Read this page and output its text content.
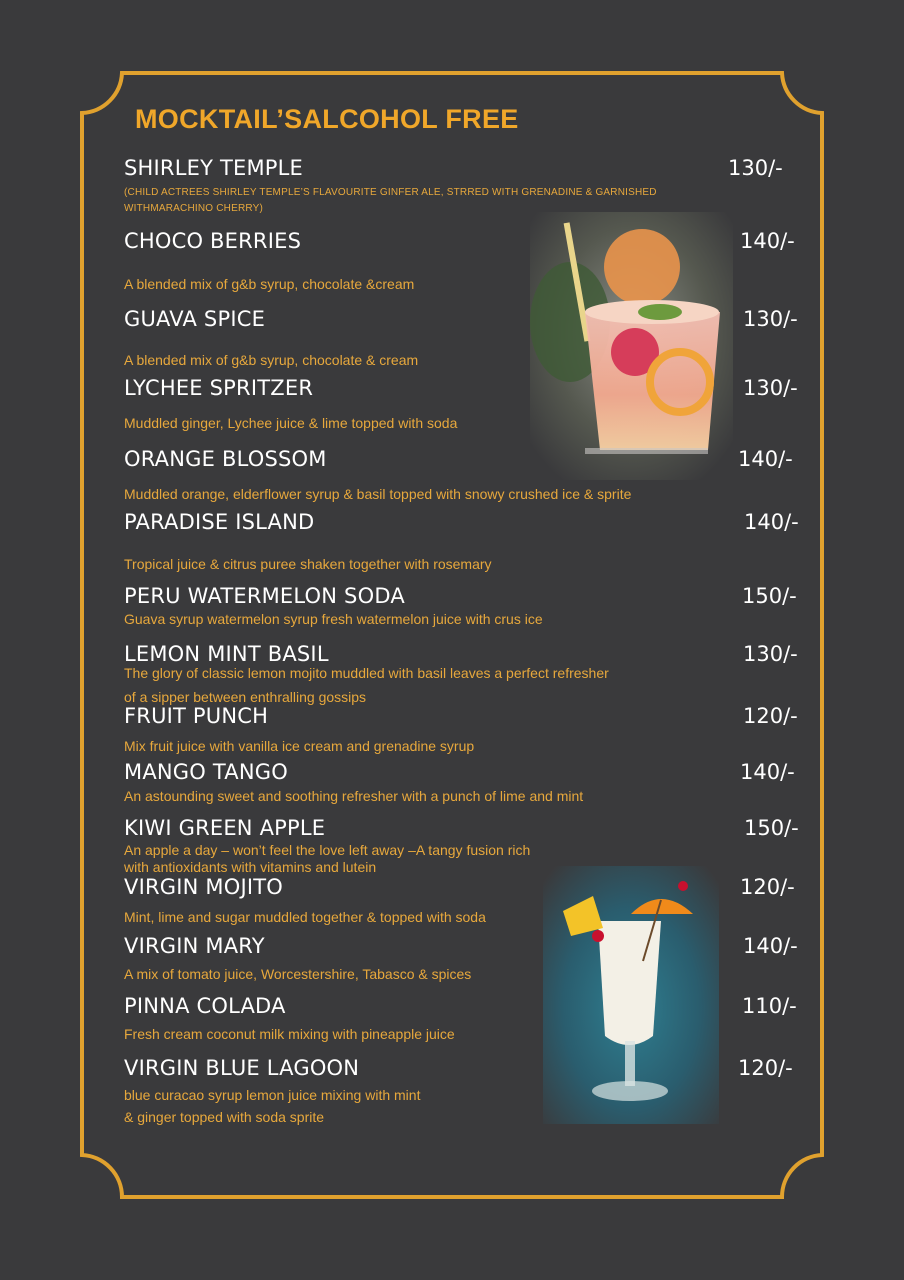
MOCKTAIL’SALCOHOL FREE
SHIRLEY TEMPLE	130/-
(CHILD ACTREES SHIRLEY TEMPLE’S FLAVOURITE GINFER ALE, STRRED WITH GRENADINE & GARNISHED
WITHMARACHINO CHERRY)
CHOCO BERRIES	140/-
A blended mix of g&b syrup, chocolate &cream
GUAVA SPICE	130/-
A blended mix of g&b syrup, chocolate & cream
LYCHEE SPRITZER	130/-
Muddled ginger, Lychee juice & lime topped with soda
ORANGE BLOSSOM	140/-
Muddled orange, elderflower syrup & basil topped with snowy crushed ice & sprite
PARADISE ISLAND	140/-
Tropical juice & citrus puree shaken together with rosemary
PERU WATERMELON SODA	150/-
Guava syrup watermelon syrup fresh watermelon juice with crus ice
LEMON MINT BASIL	130/-
The glory of classic lemon mojito muddled with basil leaves a perfect refresher
of a sipper between enthralling gossips
FRUIT PUNCH	120/-
Mix fruit juice with vanilla ice cream and grenadine syrup
MANGO TANGO	140/-
An astounding sweet and soothing refresher with a punch of lime and mint
KIWI GREEN APPLE	150/-
An apple a day – won’t feel the love left away –A tangy fusion rich
with antioxidants with vitamins and lutein
VIRGIN MOJITO	120/-
Mint, lime and sugar muddled together & topped with soda
VIRGIN MARY	140/-
A mix of tomato juice, Worcestershire, Tabasco & spices
PINNA COLADA	110/-
Fresh cream coconut milk mixing with pineapple juice
VIRGIN BLUE LAGOON	120/-
blue curacao syrup lemon juice mixing with mint
& ginger topped with soda sprite
